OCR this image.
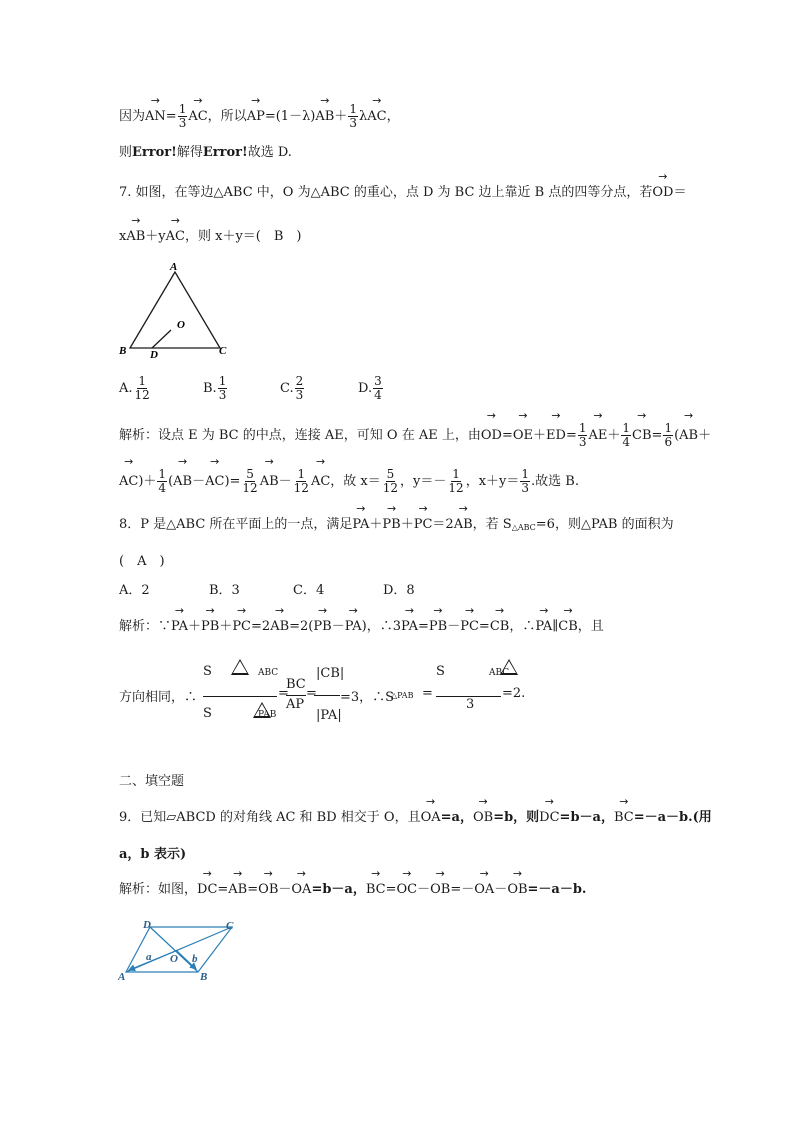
因为→ $AN= \frac{1}{3}$
→ AC，所以→ $AP=(1-\lambda)\to AB+ \frac{1}{3} \lambda\to$ AC，
则Error!解得Error!故选 D.
7. 如图，在等边△ABC 中，O 为△ABC 的重心，点 D 为 BC 边上靠近 B 点的四等分点，若→ OD＝
x→ AB＋y→ AC，则 x＋y＝(　B　)
A
O
B D	C
A. $\frac{1}{12}$	B. $\frac{1}{3}$	C. $\frac{2}{3}$	D. $\frac{3}{4}$
解析：设点 E 为 BC 的中点，连接 AE，可知 O 在 AE 上，由→ $OD=\to OE+\to ED= \frac{1}{3}$
→ $AE+ \frac{1}{4}$
→ $CB= \frac{1}{6}$ (→ AB＋
→ $AC)+ \frac{1}{4}$ (→ $AB-\to AC)= \frac{5}{12}$
→ $AB- \frac{1}{12}$
→ AC，故 $x= \frac{5}{12}$ ，$y=- \frac{1}{12}$ ，$x+y= \frac{1}{3}$ .故选 B.
8．P 是△ABC 所在平面上的一点，满足→ PA＋→ PB＋→ PC＝2→ AB，若 $S_{\triangle ABC}=6$，则△PAB 的面积为
(　A　)
A．2	B．3	C．4	D．8
解析：∵→ PA＋→ PB＋→ PC=2→ AB=2(→ PB－→ PA)，∴3→ PA=→ PB－→ PC=→ CB，∴→ PA∥→ CB，且
方向相同，∴
S
	ABC
S
	PAB
=
BC
AP
=
|CB|
|PA|
=3，∴S
△PAB =
S	ABC
3
=2.
二、填空题
9．已知▱ABCD 的对角线 AC 和 BD 相交于 O，且→ OA=a，→ OB=b，则→ DC=b－a，→ BC=－a－b.(用
a，b 表示)
解析：如图，→ DC=→ AB=→ OB－→ OA=b－a，→ BC=→ OC－→ OB=－→ OA－→ OB=－a－b.
D	C
A	B
O
a	b
